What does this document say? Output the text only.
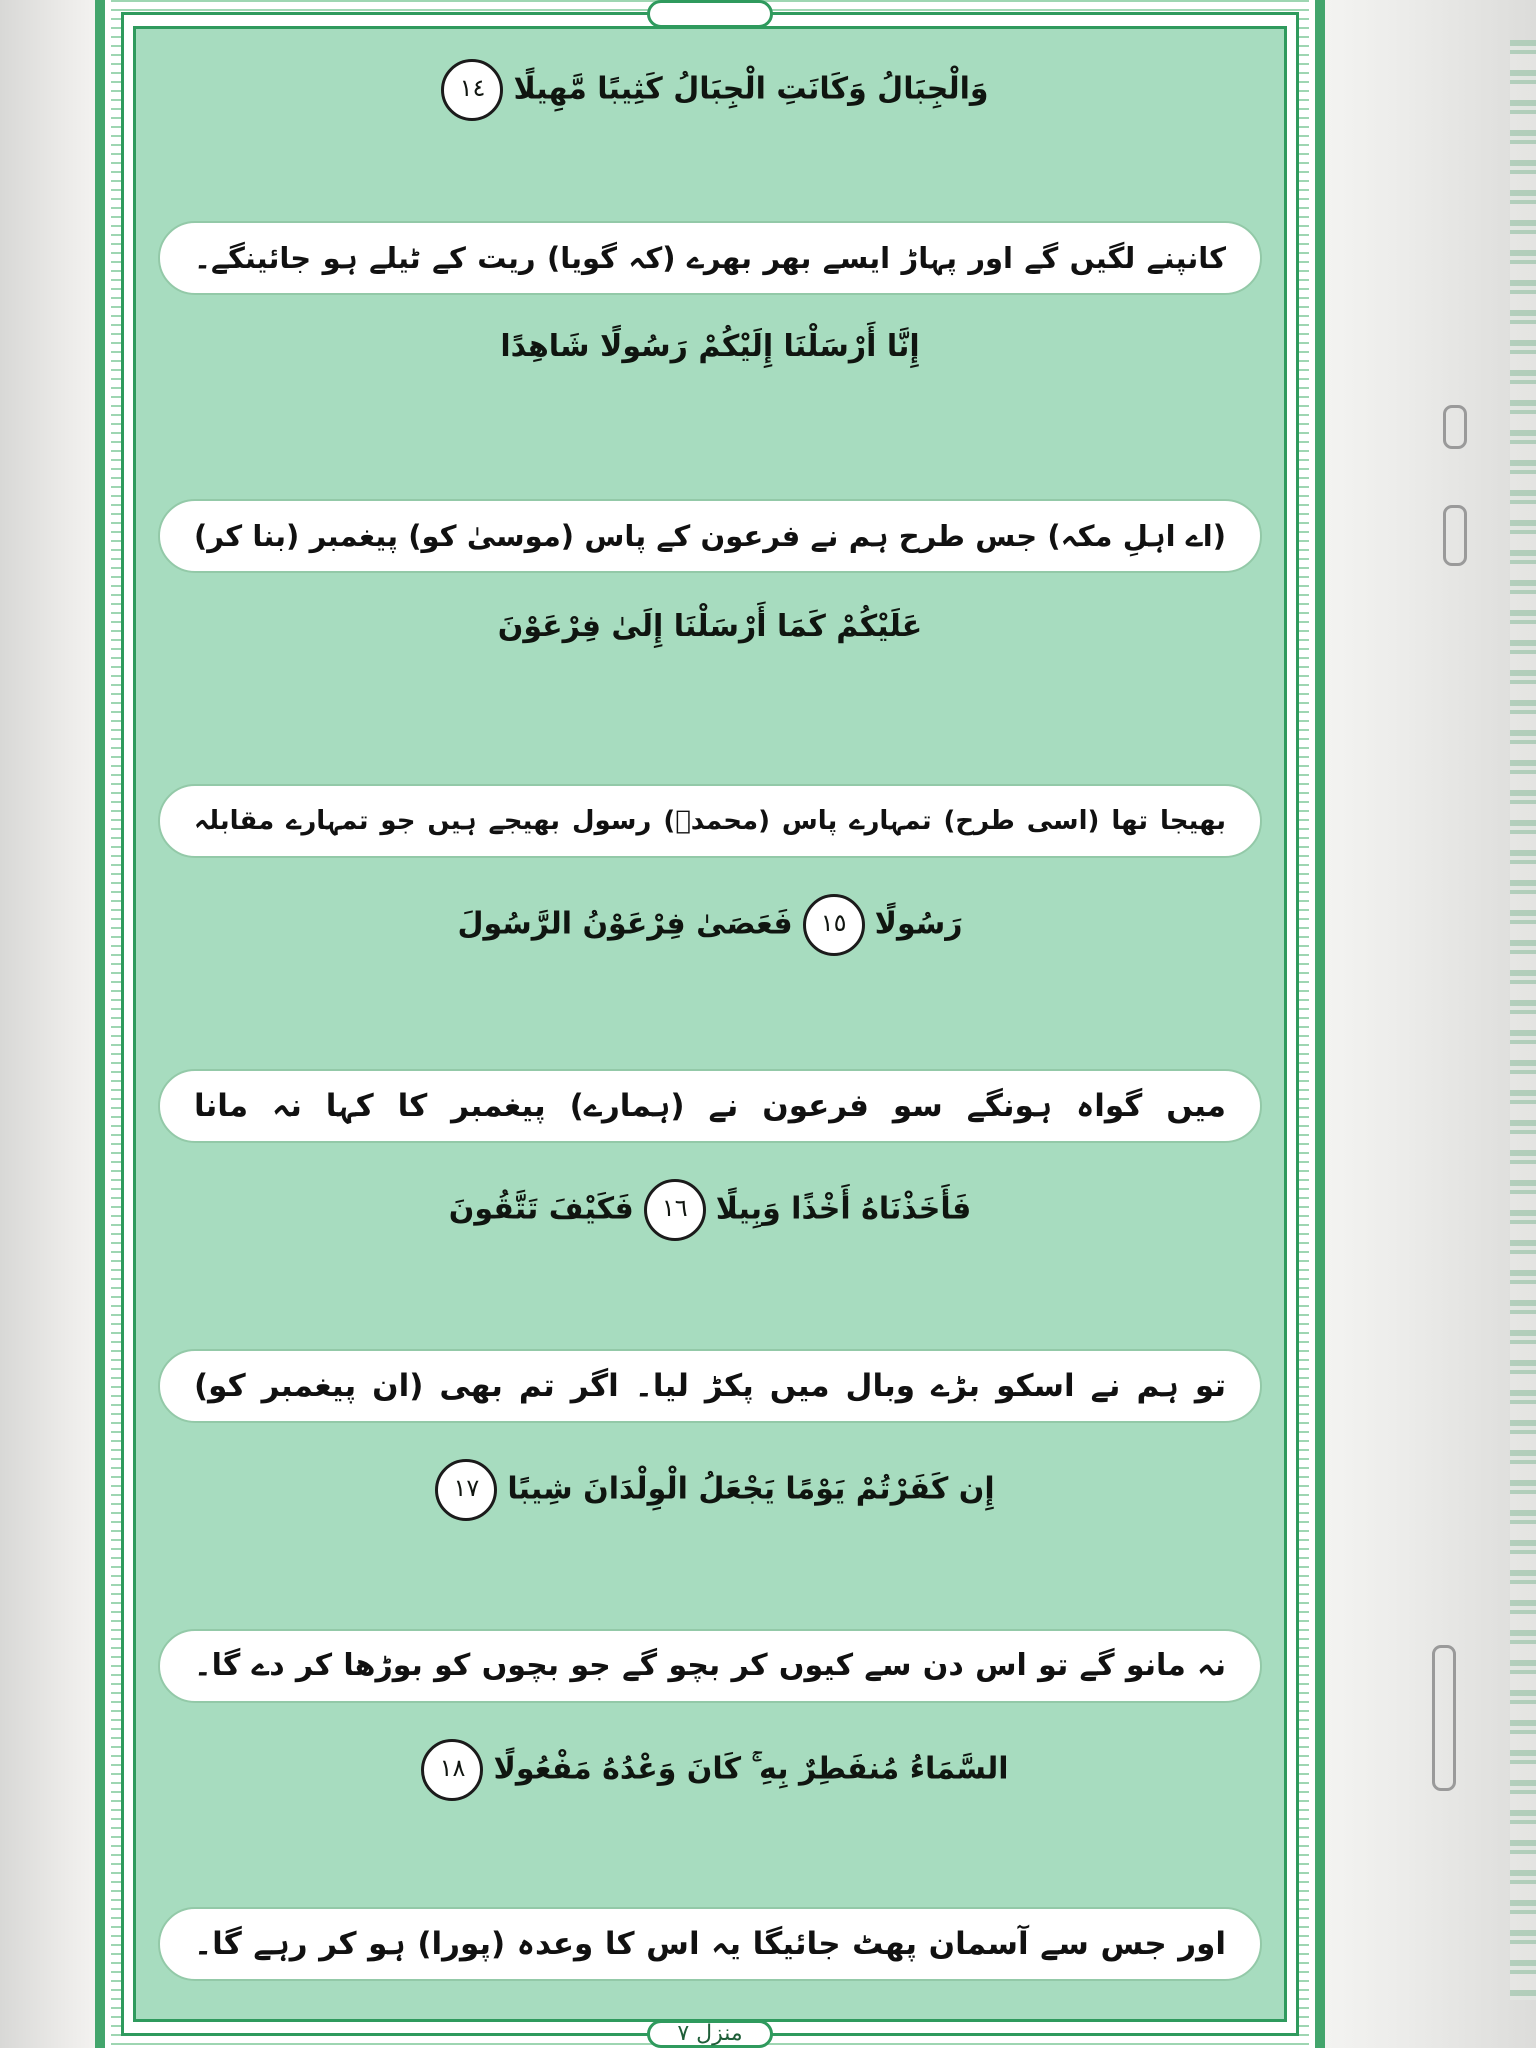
وَالْجِبَالُ وَكَانَتِ الْجِبَالُ كَثِيبًا مَّهِيلًا١٤
کانپنے لگیں گے اور پہاڑ ایسے بھر بھرے (کہ گویا) ریت کے ٹیلے ہو جائینگے۔
إِنَّا أَرْسَلْنَا إِلَيْكُمْ رَسُولًا شَاهِدًا
(اے اہلِ مکہ) جس طرح ہم نے فرعون کے پاس (موسیٰ کو) پیغمبر (بنا کر)
عَلَيْكُمْ كَمَا أَرْسَلْنَا إِلَىٰ فِرْعَوْنَ
بھیجا تھا (اسی طرح) تمہارے پاس (محمدؐ) رسول بھیجے ہیں جو تمہارے مقابلہ
رَسُولًا١٥فَعَصَىٰ فِرْعَوْنُ الرَّسُولَ
میں گواہ ہونگے سو فرعون نے (ہمارے) پیغمبر کا کہا نہ مانا
فَأَخَذْنَاهُ أَخْذًا وَبِيلًا١٦فَكَيْفَ تَتَّقُونَ
تو ہم نے اسکو بڑے وبال میں پکڑ لیا۔ اگر تم بھی (ان پیغمبر کو)
إِن كَفَرْتُمْ يَوْمًا يَجْعَلُ الْوِلْدَانَ شِيبًا١٧
نہ مانو گے تو اس دن سے کیوں کر بچو گے جو بچوں کو بوڑھا کر دے گا۔
السَّمَاءُ مُنفَطِرٌ بِهِ ۚ كَانَ وَعْدُهُ مَفْعُولًا١٨
اور جس سے آسمان پھٹ جائیگا یہ اس کا وعدہ (پورا) ہو کر رہے گا۔
منزل ۷
